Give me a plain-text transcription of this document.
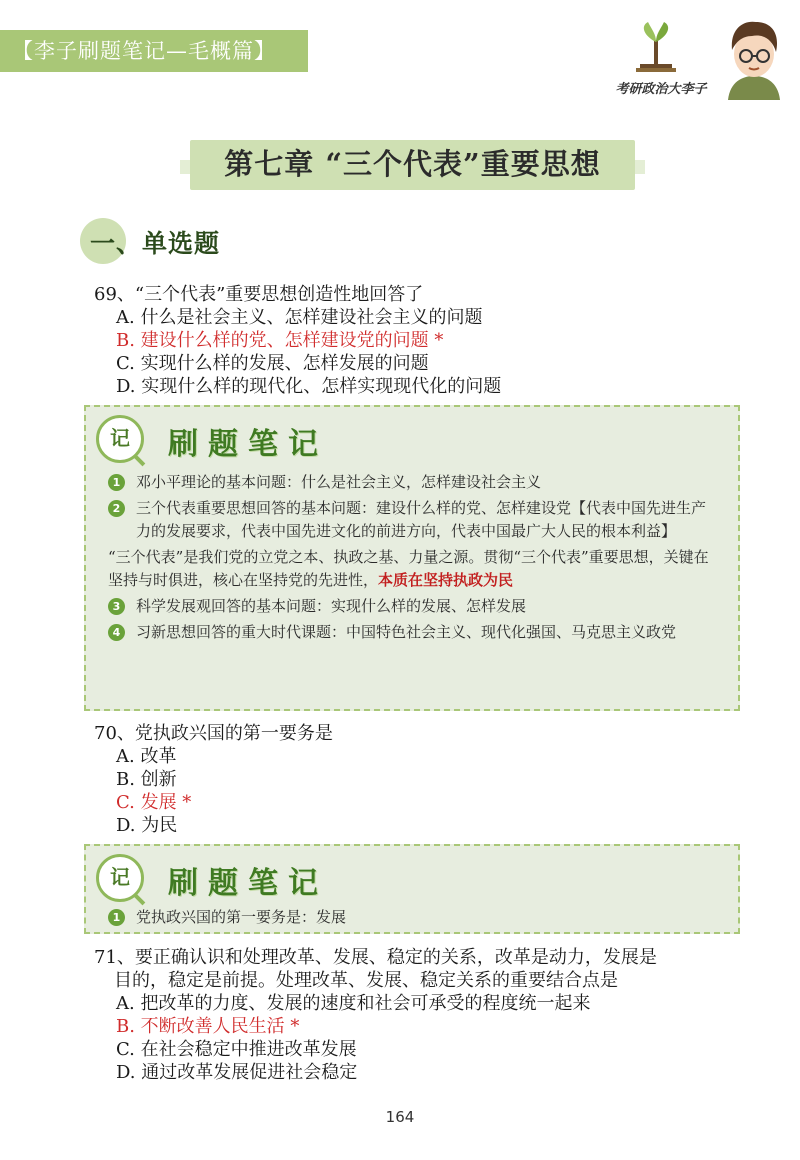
【李子刷题笔记—毛概篇】
考研政治大李子
第七章 “三个代表”重要思想
一、单选题
69、“三个代表”重要思想创造性地回答了
A. 什么是社会主义、怎样建设社会主义的问题
B. 建设什么样的党、怎样建设党的问题 *
C. 实现什么样的发展、怎样发展的问题
D. 实现什么样的现代化、怎样实现现代化的问题
记	刷题笔记
1	邓小平理论的基本问题：什么是社会主义，怎样建设社会主义
2	三个代表重要思想回答的基本问题：建设什么样的党、怎样建设党【代表中国先进生产力的发展要求，代表中国先进文化的前进方向，代表中国最广大人民的根本利益】
“三个代表”是我们党的立党之本、执政之基、力量之源。贯彻“三个代表”重要思想，关键在坚持与时俱进，核心在坚持党的先进性，本质在坚持执政为民
3	科学发展观回答的基本问题：实现什么样的发展、怎样发展
4	习新思想回答的重大时代课题：中国特色社会主义、现代化强国、马克思主义政党
70、党执政兴国的第一要务是
A. 改革
B. 创新
C. 发展 *
D. 为民
记	刷题笔记
1	党执政兴国的第一要务是：发展
71、要正确认识和处理改革、发展、稳定的关系，改革是动力，发展是
目的，稳定是前提。处理改革、发展、稳定关系的重要结合点是
A. 把改革的力度、发展的速度和社会可承受的程度统一起来
B. 不断改善人民生活 *
C. 在社会稳定中推进改革发展
D. 通过改革发展促进社会稳定
164
